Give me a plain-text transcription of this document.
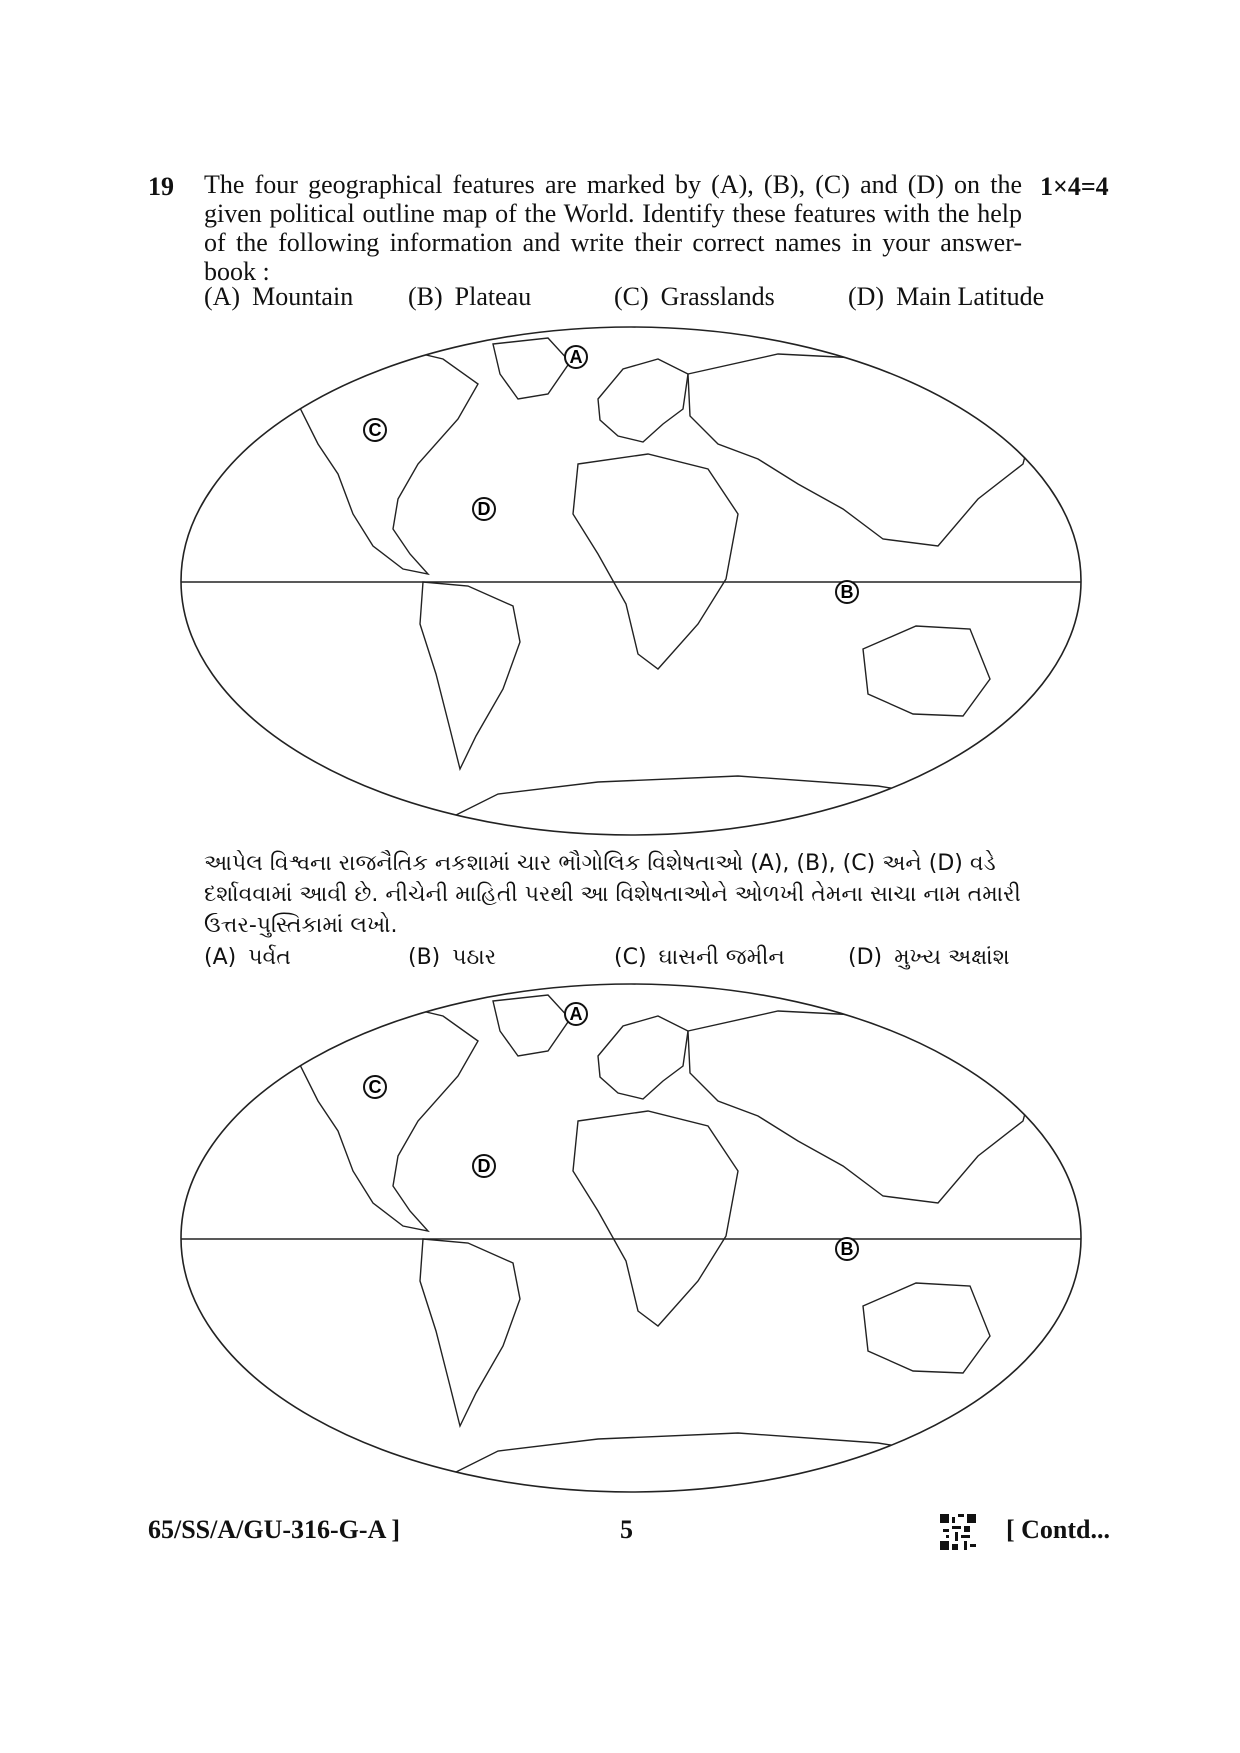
19	1×4=4
The four geographical features are marked by (A), (B), (C) and (D) on the given political outline map of the World. Identify these features with the help of the following information and write their correct names in your answer-book :
(A) Mountain (B) Plateau	(C) Grasslands	(D) Main Latitude
A
B
C
D
આપેલ વિશ્વના રાજનૈતિક નકશામાં ચાર ભૌગોલિક વિશેષતાઓ (A), (B), (C) અને (D) વડે દર્શાવવામાં આવી છે. નીચેની માહિતી પરથી આ વિશેષતાઓને ઓળખી તેમના સાચા નામ તમારી ઉત્તર-પુસ્તિકામાં લખો.
(A) પર્વત	(B) પઠાર	(C) ઘાસની જમીન	(D) મુખ્ય અક્ષાંશ
A
B
C
D
65/SS/A/GU-316-G-A ]	5	[ Contd...
